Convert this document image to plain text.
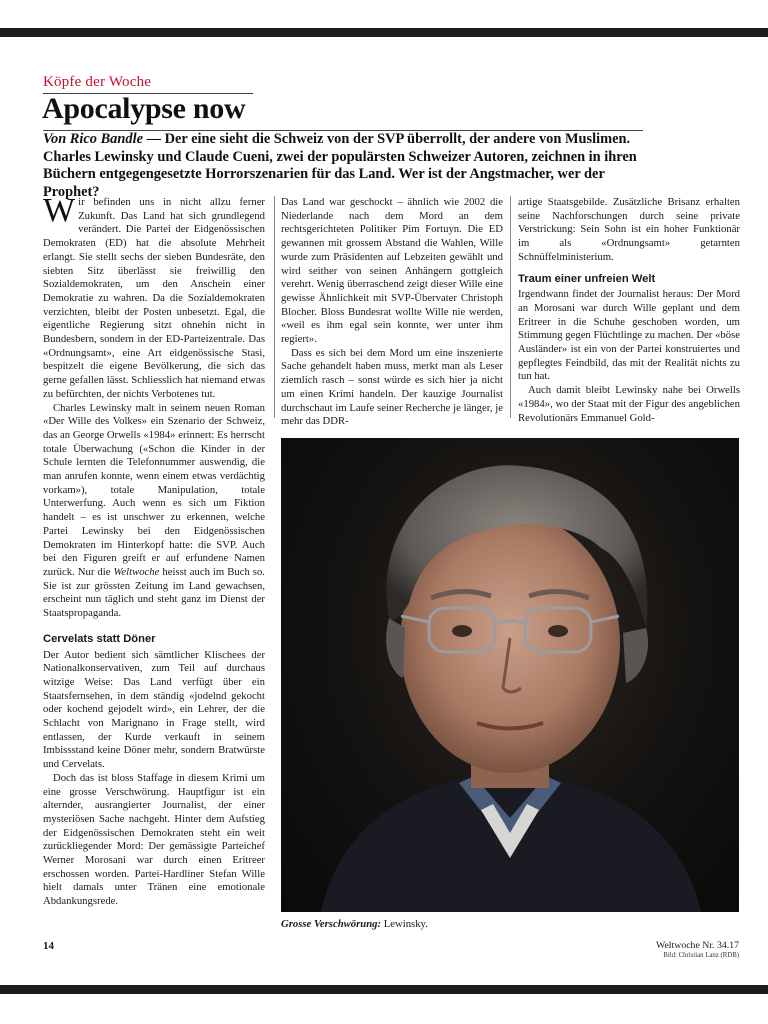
Köpfe der Woche
Apocalypse now

Von Rico Bandle — Der eine sieht die Schweiz von der SVP überrollt, der andere von Muslimen. Charles Lewinsky und Claude Cueni, zwei der populärsten Schweizer Autoren, zeichnen in ihren Büchern entgegengesetzte Horrorszenarien für das Land. Wer ist der Angstmacher, wer der Prophet?

Wir befinden uns in nicht allzu ferner Zukunft. Das Land hat sich grundlegend verändert. Die Partei der Eidgenössischen Demokraten (ED) hat die absolute Mehrheit erlangt. Sie stellt sechs der sieben Bundesräte, den siebten Sitz überlässt sie freiwillig den Sozialdemokraten, um den Anschein einer Demokratie zu wahren. Da die Sozialdemokraten verzichten, bleibt der Posten unbesetzt. Egal, die eigentliche Regierung sitzt ohnehin nicht in Bundesbern, sondern in der ED-Parteizentrale. Das «Ordnungsamt», eine Art eidgenössische Stasi, bespitzelt die eigene Bevölkerung, die sich das gerne gefallen lässt. Schliesslich hat niemand etwas zu befürchten, der nichts Verbotenes tut.

Charles Lewinsky malt in seinem neuen Roman «Der Wille des Volkes» ein Szenario der Schweiz, das an George Orwells «1984» erinnert: Es herrscht totale Überwachung («Schon die Kinder in der Schule lernten die Telefonnummer auswendig, die man anrufen konnte, wenn einem etwas verdächtig vorkam»), totale Manipulation, totale Unterwerfung. Auch wenn es sich um Fiktion handelt – es ist unschwer zu erkennen, welche Partei Lewinsky bei den Eidgenössischen Demokraten im Hinterkopf hatte: die SVP. Auch bei den Figuren greift er auf erfundene Namen zurück. Nur die Weltwoche heisst auch im Buch so. Sie ist zur grössten Zeitung im Land gewachsen, erscheint nun täglich und steht ganz im Dienst der Staatspropaganda.

Cervelats statt Döner

Der Autor bedient sich sämtlicher Klischees der Nationalkonservativen, zum Teil auf durchaus witzige Weise: Das Land verfügt über ein Staatsfernsehen, in dem ständig «jodelnd gekocht oder kochend gejodelt wird», ein Lehrer, der die Schlacht von Marignano in Frage stellt, wird entlassen, der Kurde verkauft in seinem Imbissstand keine Döner mehr, sondern Bratwürste und Cervelats.

Doch das ist bloss Staffage in diesem Krimi um eine grosse Verschwörung. Hauptfigur ist ein alternder, ausrangierter Journalist, der einer mysteriösen Sache nachgeht. Hinter dem Aufstieg der Eidgenössischen Demokraten steht ein weit zurückliegender Mord: Der gemässigte Parteichef Werner Morosani war durch einen Eritreer erschossen worden. Partei-Hardliner Stefan Wille hielt damals unter Tränen eine emotionale Abdankungsrede.

Das Land war geschockt – ähnlich wie 2002 die Niederlande nach dem Mord an dem rechtsgerichteten Politiker Pim Fortuyn. Die ED gewannen mit grossem Abstand die Wahlen, Wille wurde zum Präsidenten auf Lebzeiten gewählt und wird seither von seinen Anhängern gottgleich verehrt. Wenig überraschend zeigt dieser Wille eine gewisse Ähnlichkeit mit SVP-Übervater Christoph Blocher. Bloss Bundesrat wollte Wille nie werden, «weil es ihm egal sein konnte, wer unter ihm regiert».

Dass es sich bei dem Mord um eine inszenierte Sache gehandelt haben muss, merkt man als Leser ziemlich rasch – sonst würde es sich hier ja nicht um einen Krimi handeln. Der kauzige Journalist durchschaut im Laufe seiner Recherche je länger, je mehr das DDR-

artige Staatsgebilde. Zusätzliche Brisanz erhalten seine Nachforschungen durch seine private Verstrickung: Sein Sohn ist ein hoher Funktionär im als «Ordnungsamt» getarnten Schnüffelministerium.

Traum einer unfreien Welt

Irgendwann findet der Journalist heraus: Der Mord an Morosani war durch Wille geplant und dem Eritreer in die Schuhe geschoben worden, um Stimmung gegen Flüchtlinge zu machen. Der «böse Ausländer» ist ein von der Partei konstruiertes und gepflegtes Feindbild, das mit der Realität nichts zu tun hat.

Auch damit bleibt Lewinsky nahe bei Orwells «1984», wo der Staat mit der Figur des angeblichen Revolutionärs Emmanuel Gold-

Grosse Verschwörung: Lewinsky.
14	Weltwoche Nr. 34.17
Bild: Christian Lanz (RDB)
